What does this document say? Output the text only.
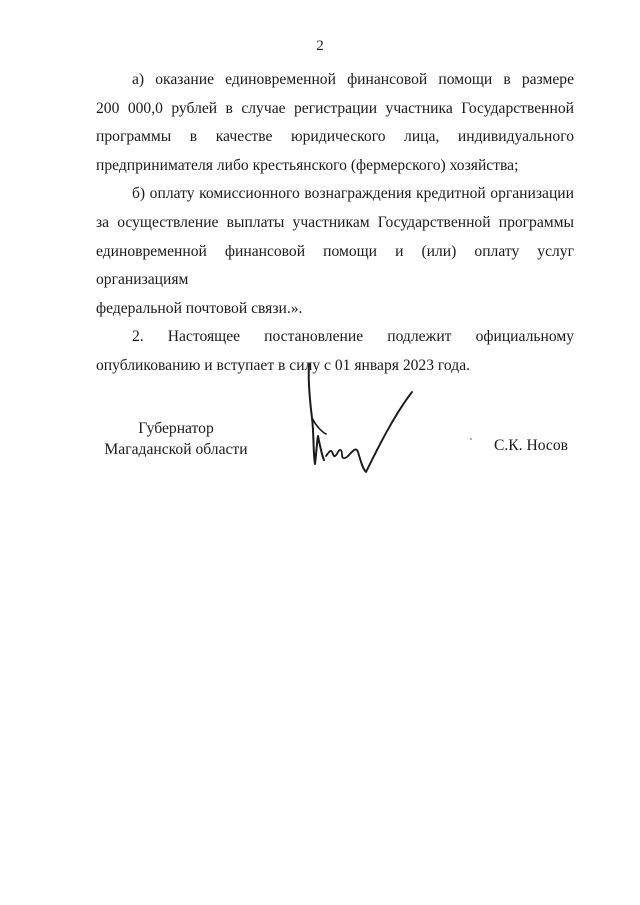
2
а) оказание единовременной финансовой помощи в размере
200 000,0 рублей в случае регистрации участника Государственной
программы в качестве юридического лица, индивидуального
предпринимателя либо крестьянского (фермерского) хозяйства;
б) оплату комиссионного вознаграждения кредитной организации
за осуществление выплаты участникам Государственной программы
единовременной финансовой помощи и (или) оплату услуг организациям
федеральной почтовой связи.».
2. Настоящее постановление подлежит официальному
опубликованию и вступает в силу с 01 января 2023 года.
Губернатор
Магаданской области	С.К. Носов
